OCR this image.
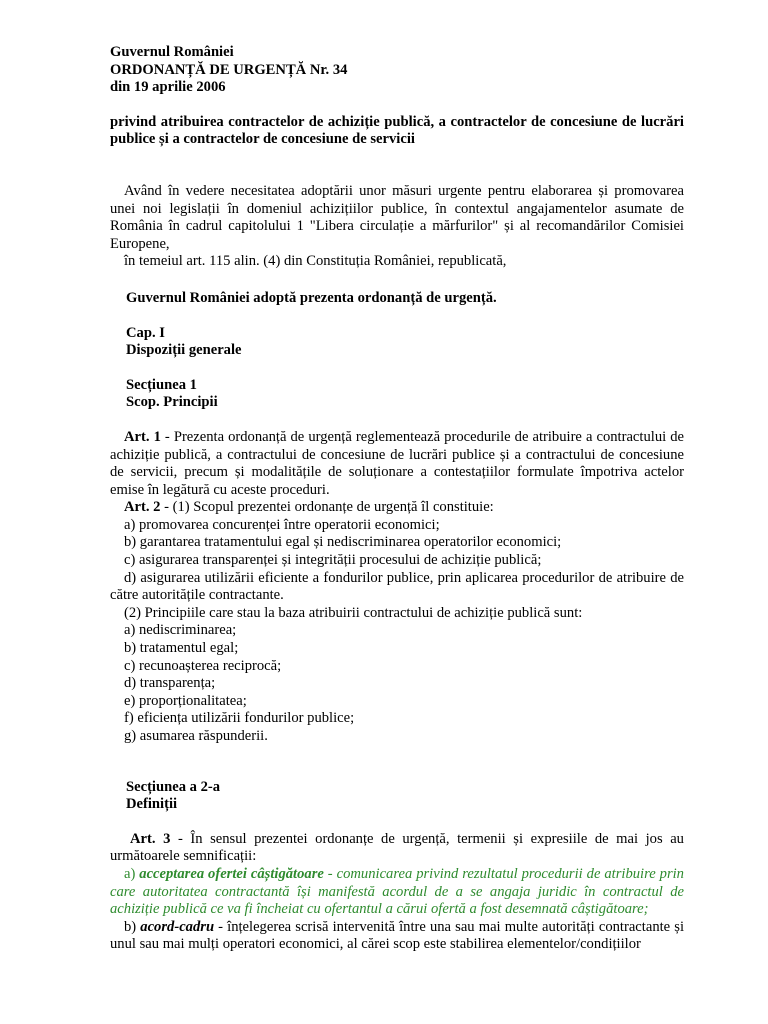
Guvernul României

ORDONANȚĂ DE URGENȚĂ Nr. 34

din 19 aprilie 2006

privind atribuirea contractelor de achiziție publică, a contractelor de concesiune de lucrări publice și a contractelor de concesiune de servicii

Având în vedere necesitatea adoptării unor măsuri urgente pentru elaborarea și promovarea unei noi legislații în domeniul achizițiilor publice, în contextul angajamentelor asumate de România în cadrul capitolului 1 "Libera circulație a mărfurilor" și al recomandărilor Comisiei Europene,

în temeiul art. 115 alin. (4) din Constituția României, republicată,

Guvernul României adoptă prezenta ordonanță de urgență.

Cap. I

Dispoziții generale

Secțiunea 1

Scop. Principii

Art. 1 - Prezenta ordonanță de urgență reglementează procedurile de atribuire a contractului de achiziție publică, a contractului de concesiune de lucrări publice și a contractului de concesiune de servicii, precum și modalitățile de soluționare a contestațiilor formulate împotriva actelor emise în legătură cu aceste proceduri.

Art. 2 - (1) Scopul prezentei ordonanțe de urgență îl constituie:

a) promovarea concurenței între operatorii economici;

b) garantarea tratamentului egal și nediscriminarea operatorilor economici;

c) asigurarea transparenței și integrității procesului de achiziție publică;

d) asigurarea utilizării eficiente a fondurilor publice, prin aplicarea procedurilor de atribuire de către autoritățile contractante.

(2) Principiile care stau la baza atribuirii contractului de achiziție publică sunt:

a) nediscriminarea;

b) tratamentul egal;

c) recunoașterea reciprocă;

d) transparența;

e) proporționalitatea;

f) eficiența utilizării fondurilor publice;

g) asumarea răspunderii.

Secțiunea a 2-a

Definiții

Art. 3 - În sensul prezentei ordonanțe de urgență, termenii și expresiile de mai jos au următoarele semnificații:

a) acceptarea ofertei câștigătoare - comunicarea privind rezultatul procedurii de atribuire prin care autoritatea contractantă își manifestă acordul de a se angaja juridic în contractul de achiziție publică ce va fi încheiat cu ofertantul a cărui ofertă a fost desemnată câștigătoare;

b) acord-cadru - înțelegerea scrisă intervenită între una sau mai multe autorități contractante și unul sau mai mulți operatori economici, al cărei scop este stabilirea elementelor/condițiilor
